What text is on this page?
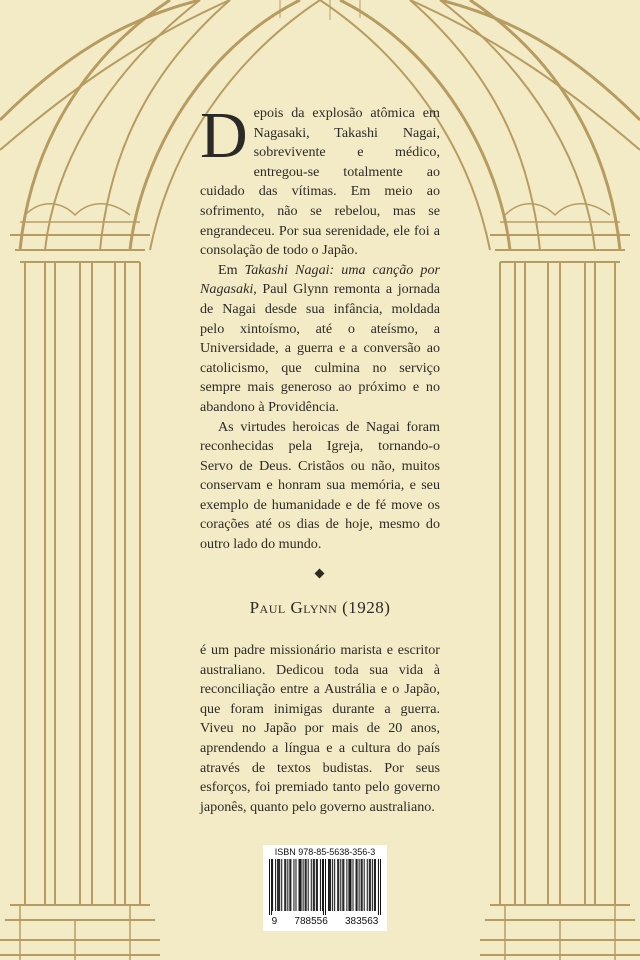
Depois da explosão atômica em Nagasaki, Takashi Nagai, sobrevivente e médico, entregou-se totalmente ao cuidado das vítimas. Em meio ao sofrimento, não se rebelou, mas se engrandeceu. Por sua serenidade, ele foi a consolação de todo o Japão.

Em Takashi Nagai: uma canção por Nagasaki, Paul Glynn remonta a jornada de Nagai desde sua infância, moldada pelo xintoísmo, até o ateísmo, a Universidade, a guerra e a conversão ao catolicismo, que culmina no serviço sempre mais generoso ao próximo e no abandono à Providência.

As virtudes heroicas de Nagai foram reconhecidas pela Igreja, tornando-o Servo de Deus. Cristãos ou não, muitos conservam e honram sua memória, e seu exemplo de humanidade e de fé move os corações até os dias de hoje, mesmo do outro lado do mundo.

Paul Glynn (1928)

é um padre missionário marista e escritor australiano. Dedicou toda sua vida à reconciliação entre a Austrália e o Japão, que foram inimigas durante a guerra. Viveu no Japão por mais de 20 anos, aprendendo a língua e a cultura do país através de textos budistas. Por seus esforços, foi premiado tanto pelo governo japonês, quanto pelo governo australiano.

ISBN 978-85-5638-356-3
9 788556 383563
